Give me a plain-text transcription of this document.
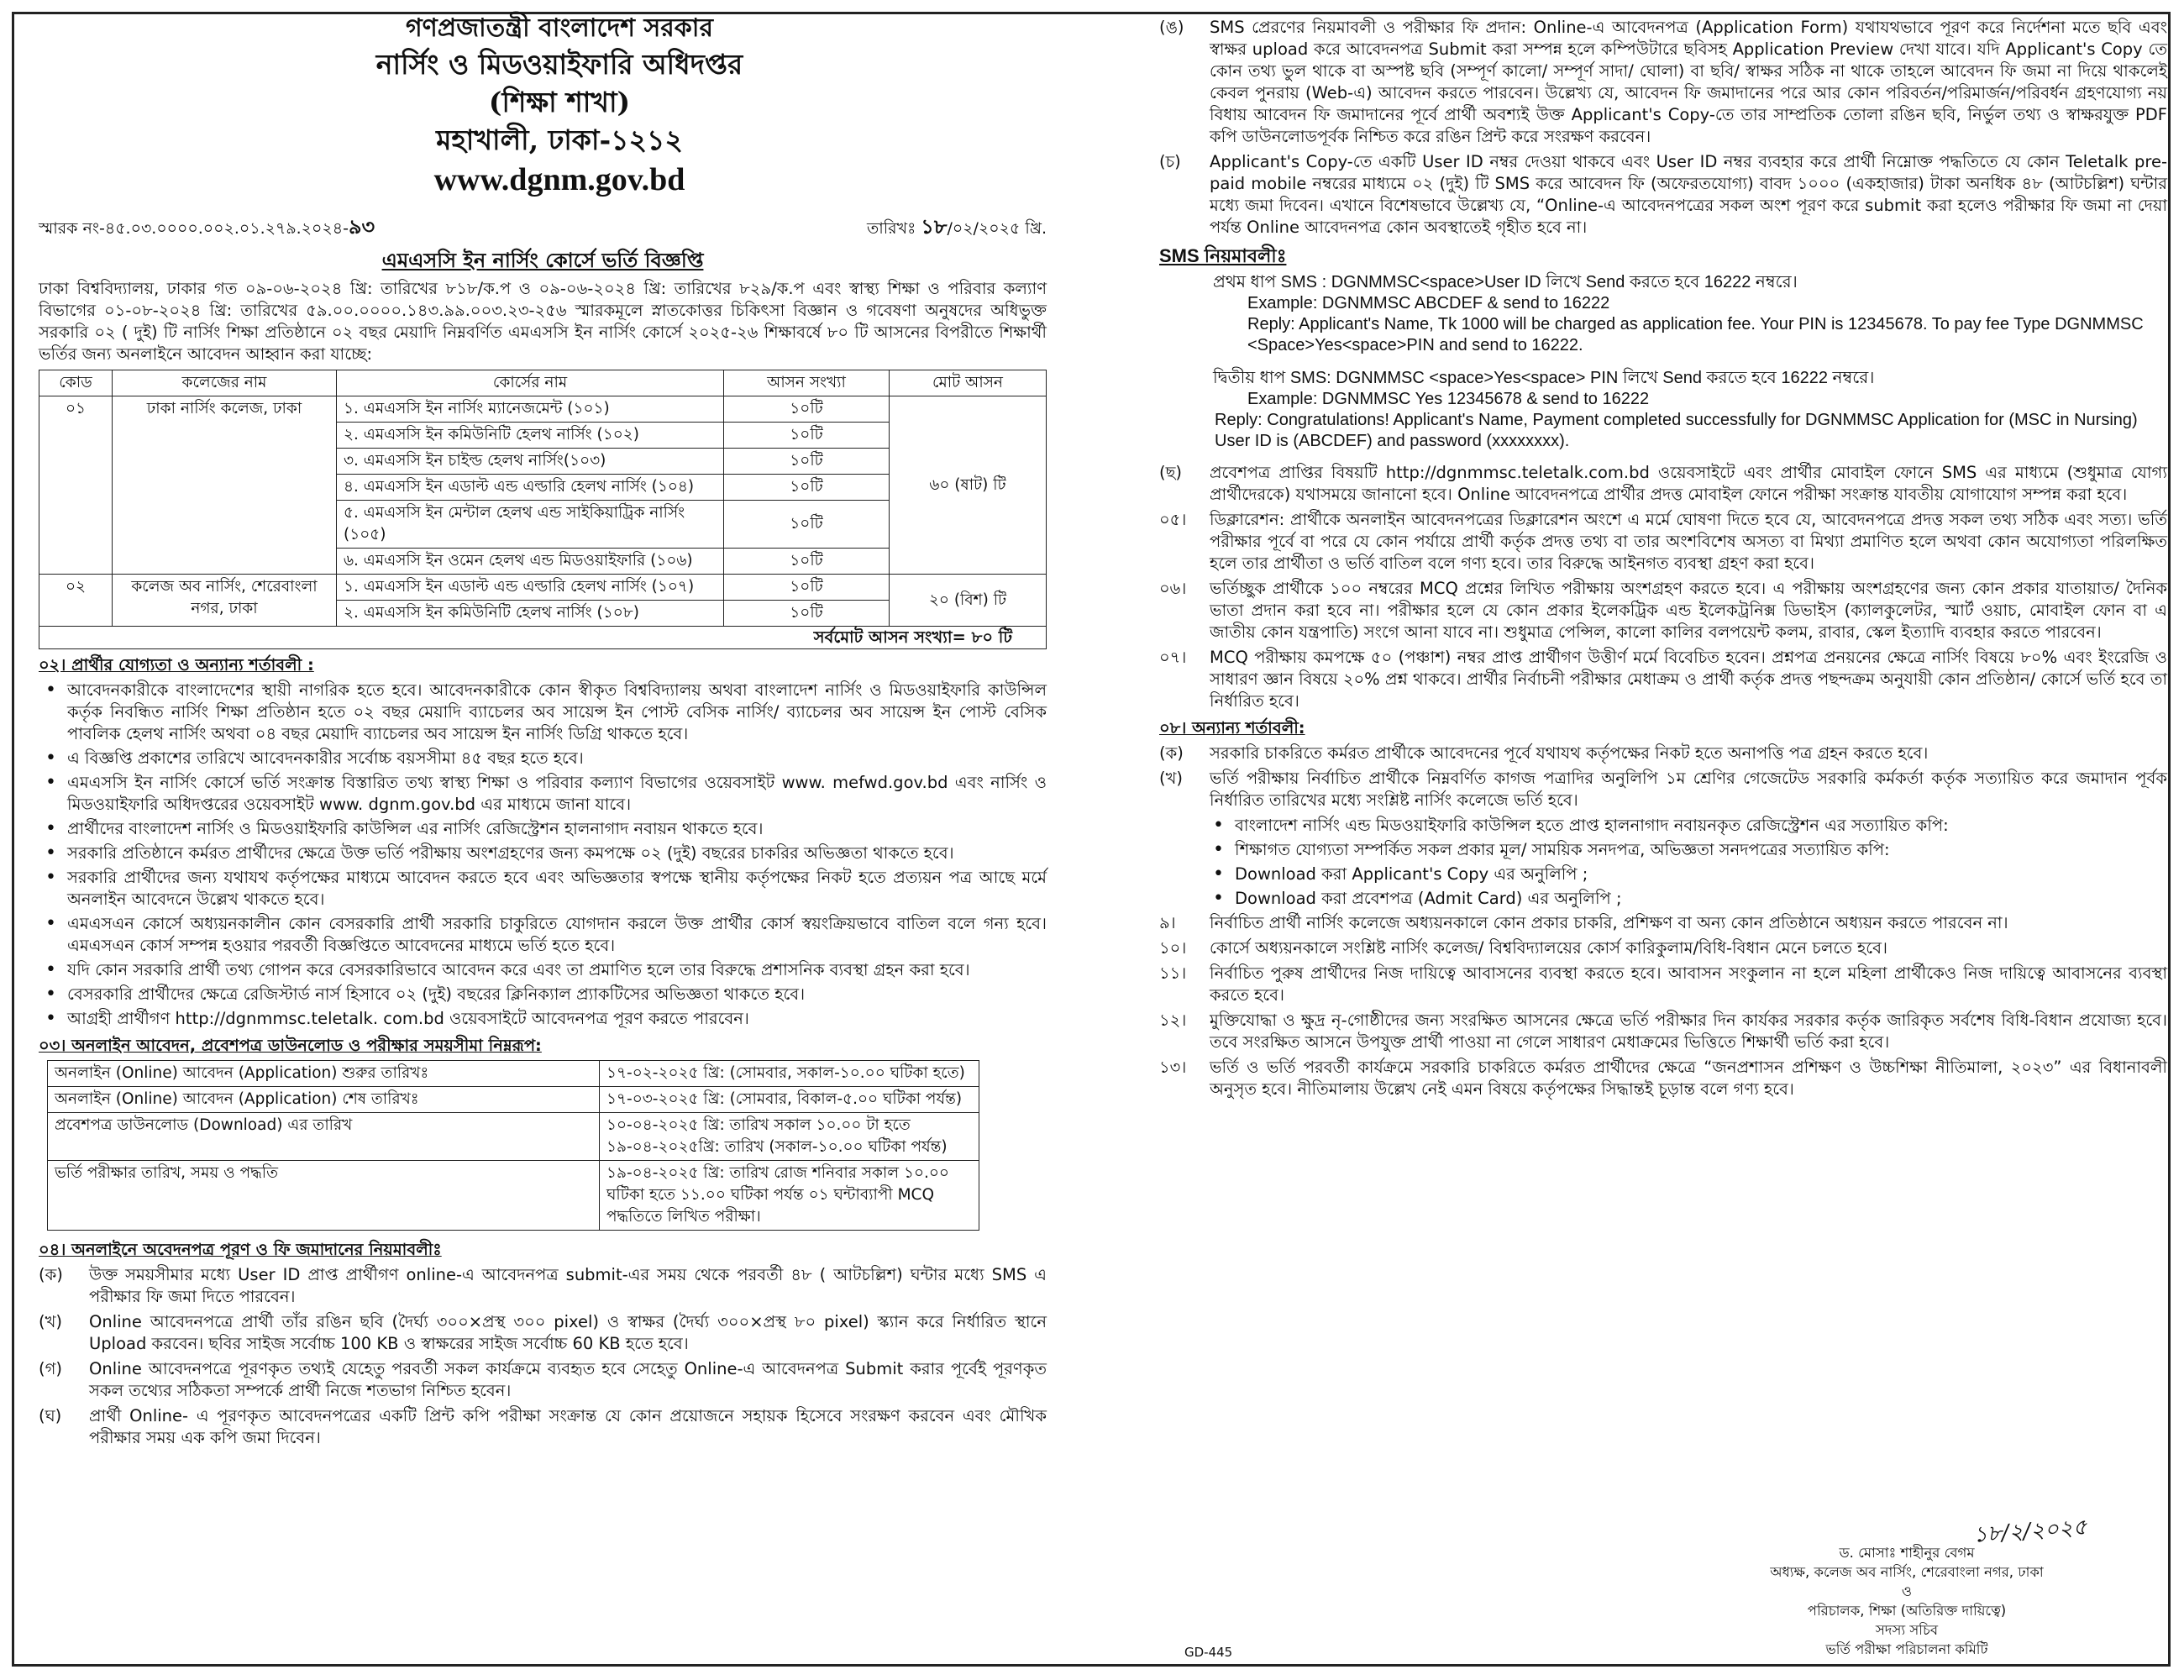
গণপ্রজাতন্ত্রী বাংলাদেশ সরকার
নার্সিং ও মিডওয়াইফারি অধিদপ্তর
(শিক্ষা শাখা)
মহাখালী, ঢাকা-১২১২
www.dgnm.gov.bd
স্মারক নং-৪৫.০৩.০০০০.০০২.০১.২৭৯.২০২৪-৯৩	তারিখঃ ১৮/০২/২০২৫ খ্রি.
এমএসসি ইন নার্সিং কোর্সে ভর্তি বিজ্ঞপ্তি

ঢাকা বিশ্ববিদ্যালয়, ঢাকার গত ০৯-০৬-২০২৪ খ্রি: তারিখের ৮১৮/ক.প ও ০৯-০৬-২০২৪ খ্রি: তারিখের ৮২৯/ক.প এবং স্বাস্থ্য শিক্ষা ও পরিবার কল্যাণ বিভাগের ০১-০৮-২০২৪ খ্রি: তারিখের ৫৯.০০.০০০০.১৪৩.৯৯.০০৩.২৩-২৫৬ স্মারকমূলে স্নাতকোত্তর চিকিৎসা বিজ্ঞান ও গবেষণা অনুষদের অধিভুক্ত সরকারি ০২ ( দুই) টি নার্সিং শিক্ষা প্রতিষ্ঠানে ০২ বছর মেয়াদি নিম্নবর্ণিত এমএসসি ইন নার্সিং কোর্সে ২০২৫-২৬ শিক্ষাবর্ষে ৮০ টি আসনের বিপরীতে শিক্ষার্থী ভর্তির জন্য অনলাইনে আবেদন আহ্বান করা যাচ্ছে:

কোড	কলেজের নাম	কোর্সের নাম	আসন সংখ্যা	মোট আসন
০১	ঢাকা নার্সিং কলেজ, ঢাকা	১. এমএসসি ইন নার্সিং ম্যানেজমেন্ট (১০১)	১০টি	৬০ (ষাট) টি
		২. এমএসসি ইন কমিউনিটি হেলথ নার্সিং (১০২)	১০টি	
		৩. এমএসসি ইন চাইল্ড হেলথ নার্সিং(১০৩)	১০টি	
		৪. এমএসসি ইন এডাল্ট এন্ড এল্ডারি হেলথ নার্সিং (১০৪)	১০টি	
		৫. এমএসসি ইন মেন্টাল হেলথ এন্ড সাইকিয়াট্রিক নার্সিং (১০৫)	১০টি	
		৬. এমএসসি ইন ওমেন হেলথ এন্ড মিডওয়াইফারি (১০৬)	১০টি	
০২	কলেজ অব নার্সিং, শেরেবাংলা নগর, ঢাকা	১. এমএসসি ইন এডাল্ট এন্ড এল্ডারি হেলথ নার্সিং (১০৭)	১০টি	২০ (বিশ) টি
		২. এমএসসি ইন কমিউনিটি হেলথ নার্সিং (১০৮)	১০টি	
সর্বমোট আসন সংখ্যা= ৮০ টি
০২। প্রার্থীর যোগ্যতা ও অন্যান্য শর্তাবলী :
• আবেদনকারীকে বাংলাদেশের স্থায়ী নাগরিক হতে হবে। আবেদনকারীকে কোন স্বীকৃত বিশ্ববিদ্যালয় অথবা বাংলাদেশ নার্সিং ও মিডওয়াইফারি কাউন্সিল কর্তৃক নিবন্ধিত নার্সিং শিক্ষা প্রতিষ্ঠান হতে ০২ বছর মেয়াদি ব্যাচেলর অব সায়েন্স ইন পোস্ট বেসিক নার্সিং/ ব্যাচেলর অব সায়েন্স ইন পোস্ট বেসিক পাবলিক হেলথ নার্সিং অথবা ০৪ বছর মেয়াদি ব্যাচেলর অব সায়েন্স ইন নার্সিং ডিগ্রি থাকতে হবে।
• এ বিজ্ঞপ্তি প্রকাশের তারিখে আবেদনকারীর সর্বোচ্চ বয়সসীমা ৪৫ বছর হতে হবে।
• এমএসসি ইন নার্সিং কোর্সে ভর্তি সংক্রান্ত বিস্তারিত তথ্য স্বাস্থ্য শিক্ষা ও পরিবার কল্যাণ বিভাগের ওয়েবসাইট www. mefwd.gov.bd এবং নার্সিং ও মিডওয়াইফারি অধিদপ্তরের ওয়েবসাইট www. dgnm.gov.bd এর মাধ্যমে জানা যাবে।
• প্রার্থীদের বাংলাদেশ নার্সিং ও মিডওয়াইফারি কাউন্সিল এর নার্সিং রেজিস্ট্রেশন হালনাগাদ নবায়ন থাকতে হবে।
• সরকারি প্রতিষ্ঠানে কর্মরত প্রার্থীদের ক্ষেত্রে উক্ত ভর্তি পরীক্ষায় অংশগ্রহণের জন্য কমপক্ষে ০২ (দুই) বছরের চাকরির অভিজ্ঞতা থাকতে হবে।
• সরকারি প্রার্থীদের জন্য যথাযথ কর্তৃপক্ষের মাধ্যমে আবেদন করতে হবে এবং অভিজ্ঞতার স্বপক্ষে স্থানীয় কর্তৃপক্ষের নিকট হতে প্রত্যয়ন পত্র আছে মর্মে অনলাইন আবেদনে উল্লেখ থাকতে হবে।
• এমএসএন কোর্সে অধ্যয়নকালীন কোন বেসরকারি প্রার্থী সরকারি চাকুরিতে যোগদান করলে উক্ত প্রার্থীর কোর্স স্বয়ংক্রিয়ভাবে বাতিল বলে গন্য হবে। এমএসএন কোর্স সম্পন্ন হওয়ার পরবর্তী বিজ্ঞপ্তিতে আবেদনের মাধ্যমে ভর্তি হতে হবে।
• যদি কোন সরকারি প্রার্থী তথ্য গোপন করে বেসরকারিভাবে আবেদন করে এবং তা প্রমাণিত হলে তার বিরুদ্ধে প্রশাসনিক ব্যবস্থা গ্রহন করা হবে।
• বেসরকারি প্রার্থীদের ক্ষেত্রে রেজিস্টার্ড নার্স হিসাবে ০২ (দুই) বছরের ক্লিনিক্যাল প্র্যাকটিসের অভিজ্ঞতা থাকতে হবে।
• আগ্রহী প্রার্থীগণ http://dgnmmsc.teletalk. com.bd ওয়েবসাইটে আবেদনপত্র পূরণ করতে পারবেন।
০৩। অনলাইন আবেদন, প্রবেশপত্র ডাউনলোড ও পরীক্ষার সময়সীমা নিম্নরূপ:
অনলাইন (Online) আবেদন (Application) শুরুর তারিখঃ	১৭-০২-২০২৫ খ্রি: (সোমবার, সকাল-১০.০০ ঘটিকা হতে)
অনলাইন (Online) আবেদন (Application) শেষ তারিখঃ	১৭-০৩-২০২৫ খ্রি: (সোমবার, বিকাল-৫.০০ ঘটিকা পর্যন্ত)
প্রবেশপত্র ডাউনলোড (Download) এর তারিখ	১০-০৪-২০২৫ খ্রি: তারিখ সকাল ১০.০০ টা হতে ১৯-০৪-২০২৫খ্রি: তারিখ (সকাল-১০.০০ ঘটিকা পর্যন্ত)
ভর্তি পরীক্ষার তারিখ, সময় ও পদ্ধতি	১৯-০৪-২০২৫ খ্রি: তারিখ রোজ শনিবার সকাল ১০.০০ ঘটিকা হতে ১১.০০ ঘটিকা পর্যন্ত ০১ ঘন্টাব্যাপী MCQ পদ্ধতিতে লিখিত পরীক্ষা।
০৪। অনলাইনে অবেদনপত্র পূরণ ও ফি জমাদানের নিয়মাবলীঃ
(ক)	উক্ত সময়সীমার মধ্যে User ID প্রাপ্ত প্রার্থীগণ online-এ আবেদনপত্র submit-এর সময় থেকে পরবর্তী ৪৮ ( আটচল্লিশ) ঘন্টার মধ্যে SMS এ পরীক্ষার ফি জমা দিতে পারবেন।
(খ)	Online আবেদনপত্রে প্রার্থী তাঁর রঙিন ছবি (দৈর্ঘ্য ৩০০×প্রস্থ ৩০০ pixel) ও স্বাক্ষর (দৈর্ঘ্য ৩০০×প্রস্থ ৮০ pixel) স্ক্যান করে নির্ধারিত স্থানে Upload করবেন। ছবির সাইজ সর্বোচ্চ 100 KB ও স্বাক্ষরের সাইজ সর্বোচ্চ 60 KB হতে হবে।
(গ)	Online আবেদনপত্রে পূরণকৃত তথ্যই যেহেতু পরবর্তী সকল কার্যক্রমে ব্যবহৃত হবে সেহেতু Online-এ আবেদনপত্র Submit করার পূর্বেই পূরণকৃত সকল তথ্যের সঠিকতা সম্পর্কে প্রার্থী নিজে শতভাগ নিশ্চিত হবেন।
(ঘ)	প্রার্থী Online- এ পূরণকৃত আবেদনপত্রের একটি প্রিন্ট কপি পরীক্ষা সংক্রান্ত যে কোন প্রয়োজনে সহায়ক হিসেবে সংরক্ষণ করবেন এবং মৌখিক পরীক্ষার সময় এক কপি জমা দিবেন।
(ঙ)	SMS প্রেরণের নিয়মাবলী ও পরীক্ষার ফি প্রদান: Online-এ আবেদনপত্র (Application Form) যথাযথভাবে পূরণ করে নির্দেশনা মতে ছবি এবং স্বাক্ষর upload করে আবেদনপত্র Submit করা সম্পন্ন হলে কম্পিউটারে ছবিসহ Application Preview দেখা যাবে। যদি Applicant's Copy তে কোন তথ্য ভুল থাকে বা অস্পষ্ট ছবি (সম্পূর্ণ কালো/ সম্পূর্ণ সাদা/ ঘোলা) বা ছবি/ স্বাক্ষর সঠিক না থাকে তাহলে আবেদন ফি জমা না দিয়ে থাকলেই কেবল পুনরায় (Web-এ) আবেদন করতে পারবেন। উল্লেখ্য যে, আবেদন ফি জমাদানের পরে আর কোন পরিবর্তন/পরিমার্জন/পরিবর্ধন গ্রহণযোগ্য নয় বিধায় আবেদন ফি জমাদানের পূর্বে প্রার্থী অবশ্যই উক্ত Applicant's Copy-তে তার সাম্প্রতিক তোলা রঙিন ছবি, নির্ভুল তথ্য ও স্বাক্ষরযুক্ত PDF কপি ডাউনলোডপূর্বক নিশ্চিত করে রঙিন প্রিন্ট করে সংরক্ষণ করবেন।
(চ)	Applicant's Copy-তে একটি User ID নম্বর দেওয়া থাকবে এবং User ID নম্বর ব্যবহার করে প্রার্থী নিম্নোক্ত পদ্ধতিতে যে কোন Teletalk pre-paid mobile নম্বরের মাধ্যমে ০২ (দুই) টি SMS করে আবেদন ফি (অফেরতযোগ্য) বাবদ ১০০০ (একহাজার) টাকা অনধিক ৪৮ (আটচল্লিশ) ঘন্টার মধ্যে জমা দিবেন। এখানে বিশেষভাবে উল্লেখ্য যে, “Online-এ আবেদনপত্রের সকল অংশ পূরণ করে submit করা হলেও পরীক্ষার ফি জমা না দেয়া পর্যন্ত Online আবেদনপত্র কোন অবস্থাতেই গৃহীত হবে না।
SMS নিয়মাবলীঃ
প্রথম ধাপ SMS : DGNMMSC<space>User ID লিখে Send করতে হবে 16222 নম্বরে।
Example: DGNMMSC ABCDEF & send to 16222
Reply: Applicant's Name, Tk 1000 will be charged as application fee. Your PIN is 12345678. To pay fee Type DGNMMSC <Space>Yes<space>PIN and send to 16222.
দ্বিতীয় ধাপ SMS: DGNMMSC <space>Yes<space> PIN লিখে Send করতে হবে 16222 নম্বরে।
Example: DGNMMSC Yes 12345678 & send to 16222
Reply: Congratulations! Applicant's Name, Payment completed successfully for DGNMMSC Application for (MSC in Nursing) User ID is (ABCDEF) and password (xxxxxxxx).
(ছ)	প্রবেশপত্র প্রাপ্তির বিষয়টি http://dgnmmsc.teletalk.com.bd ওয়েবসাইটে এবং প্রার্থীর মোবাইল ফোনে SMS এর মাধ্যমে (শুধুমাত্র যোগ্য প্রার্থীদেরকে) যথাসময়ে জানানো হবে। Online আবেদনপত্রে প্রার্থীর প্রদত্ত মোবাইল ফোনে পরীক্ষা সংক্রান্ত যাবতীয় যোগাযোগ সম্পন্ন করা হবে।
০৫।	ডিক্লারেশন: প্রার্থীকে অনলাইন আবেদনপত্রের ডিক্লারেশন অংশে এ মর্মে ঘোষণা দিতে হবে যে, আবেদনপত্রে প্রদত্ত সকল তথ্য সঠিক এবং সত্য। ভর্তি পরীক্ষার পূর্বে বা পরে যে কোন পর্যায়ে প্রার্থী কর্তৃক প্রদত্ত তথ্য বা তার অংশবিশেষ অসত্য বা মিথ্যা প্রমাণিত হলে অথবা কোন অযোগ্যতা পরিলক্ষিত হলে তার প্রার্থীতা ও ভর্তি বাতিল বলে গণ্য হবে। তার বিরুদ্ধে আইনগত ব্যবস্থা গ্রহণ করা হবে।
০৬।	ভর্তিচ্ছুক প্রার্থীকে ১০০ নম্বরের MCQ প্রশ্নের লিখিত পরীক্ষায় অংশগ্রহণ করতে হবে। এ পরীক্ষায় অংশগ্রহণের জন্য কোন প্রকার যাতায়াত/ দৈনিক ভাতা প্রদান করা হবে না। পরীক্ষার হলে যে কোন প্রকার ইলেকট্রিক এন্ড ইলেকট্রনিক্স ডিভাইস (ক্যালকুলেটর, স্মার্ট ওয়াচ, মোবাইল ফোন বা এ জাতীয় কোন যন্ত্রপাতি) সংগে আনা যাবে না। শুধুমাত্র পেন্সিল, কালো কালির বলপয়েন্ট কলম, রাবার, স্কেল ইত্যাদি ব্যবহার করতে পারবেন।
০৭।	MCQ পরীক্ষায় কমপক্ষে ৫০ (পঞ্চাশ) নম্বর প্রাপ্ত প্রার্থীগণ উত্তীর্ণ মর্মে বিবেচিত হবেন। প্রশ্নপত্র প্রনয়নের ক্ষেত্রে নার্সিং বিষয়ে ৮০% এবং ইংরেজি ও সাধারণ জ্ঞান বিষয়ে ২০% প্রশ্ন থাকবে। প্রার্থীর নির্বাচনী পরীক্ষার মেধাক্রম ও প্রার্থী কর্তৃক প্রদত্ত পছন্দক্রম অনুযায়ী কোন প্রতিষ্ঠান/ কোর্সে ভর্তি হবে তা নির্ধারিত হবে।
০৮। অন্যান্য শর্তাবলী:
(ক)	সরকারি চাকরিতে কর্মরত প্রার্থীকে আবেদনের পূর্বে যথাযথ কর্তৃপক্ষের নিকট হতে অনাপত্তি পত্র গ্রহন করতে হবে।
(খ)	ভর্তি পরীক্ষায় নির্বাচিত প্রার্থীকে নিম্নবর্ণিত কাগজ পত্রাদির অনুলিপি ১ম শ্রেণির গেজেটেড সরকারি কর্মকর্তা কর্তৃক সত্যায়িত করে জমাদান পূর্বক নির্ধারিত তারিখের মধ্যে সংশ্লিষ্ট নার্সিং কলেজে ভর্তি হবে।
• বাংলাদেশ নার্সিং এন্ড মিডওয়াইফারি কাউন্সিল হতে প্রাপ্ত হালনাগাদ নবায়নকৃত রেজিস্ট্রেশন এর সত্যায়িত কপি:
• শিক্ষাগত যোগ্যতা সম্পর্কিত সকল প্রকার মূল/ সাময়িক সনদপত্র, অভিজ্ঞতা সনদপত্রের সত্যায়িত কপি:
• Download করা Applicant's Copy এর অনুলিপি ;
• Download করা প্রবেশপত্র (Admit Card) এর অনুলিপি ;
৯।	নির্বাচিত প্রার্থী নার্সিং কলেজে অধ্যয়নকালে কোন প্রকার চাকরি, প্রশিক্ষণ বা অন্য কোন প্রতিষ্ঠানে অধ্যয়ন করতে পারবেন না।
১০।	কোর্সে অধ্যয়নকালে সংশ্লিষ্ট নার্সিং কলেজ/ বিশ্ববিদ্যালয়ের কোর্স কারিকুলাম/বিধি-বিধান মেনে চলতে হবে।
১১।	নির্বাচিত পুরুষ প্রার্থীদের নিজ দায়িত্বে আবাসনের ব্যবস্থা করতে হবে। আবাসন সংকুলান না হলে মহিলা প্রার্থীকেও নিজ দায়িত্বে আবাসনের ব্যবস্থা করতে হবে।
১২।	মুক্তিযোদ্ধা ও ক্ষুদ্র নৃ-গোষ্ঠীদের জন্য সংরক্ষিত আসনের ক্ষেত্রে ভর্তি পরীক্ষার দিন কার্যকর সরকার কর্তৃক জারিকৃত সর্বশেষ বিধি-বিধান প্রযোজ্য হবে। তবে সংরক্ষিত আসনে উপযুক্ত প্রার্থী পাওয়া না গেলে সাধারণ মেধাক্রমের ভিত্তিতে শিক্ষার্থী ভর্তি করা হবে।
১৩।	ভর্তি ও ভর্তি পরবর্তী কার্যক্রমে সরকারি চাকরিতে কর্মরত প্রার্থীদের ক্ষেত্রে “জনপ্রশাসন প্রশিক্ষণ ও উচ্চশিক্ষা নীতিমালা, ২০২৩” এর বিধানাবলী অনুসৃত হবে। নীতিমালায় উল্লেখ নেই এমন বিষয়ে কর্তৃপক্ষের সিদ্ধান্তই চূড়ান্ত বলে গণ্য হবে।
১৮/২/২০২৫
ড. মোসাঃ শাহীনুর বেগম
অধ্যক্ষ, কলেজ অব নার্সিং, শেরেবাংলা নগর, ঢাকা
ও
পরিচালক, শিক্ষা (অতিরিক্ত দায়িত্বে)
সদস্য সচিব
ভর্তি পরীক্ষা পরিচালনা কমিটি
GD-445
